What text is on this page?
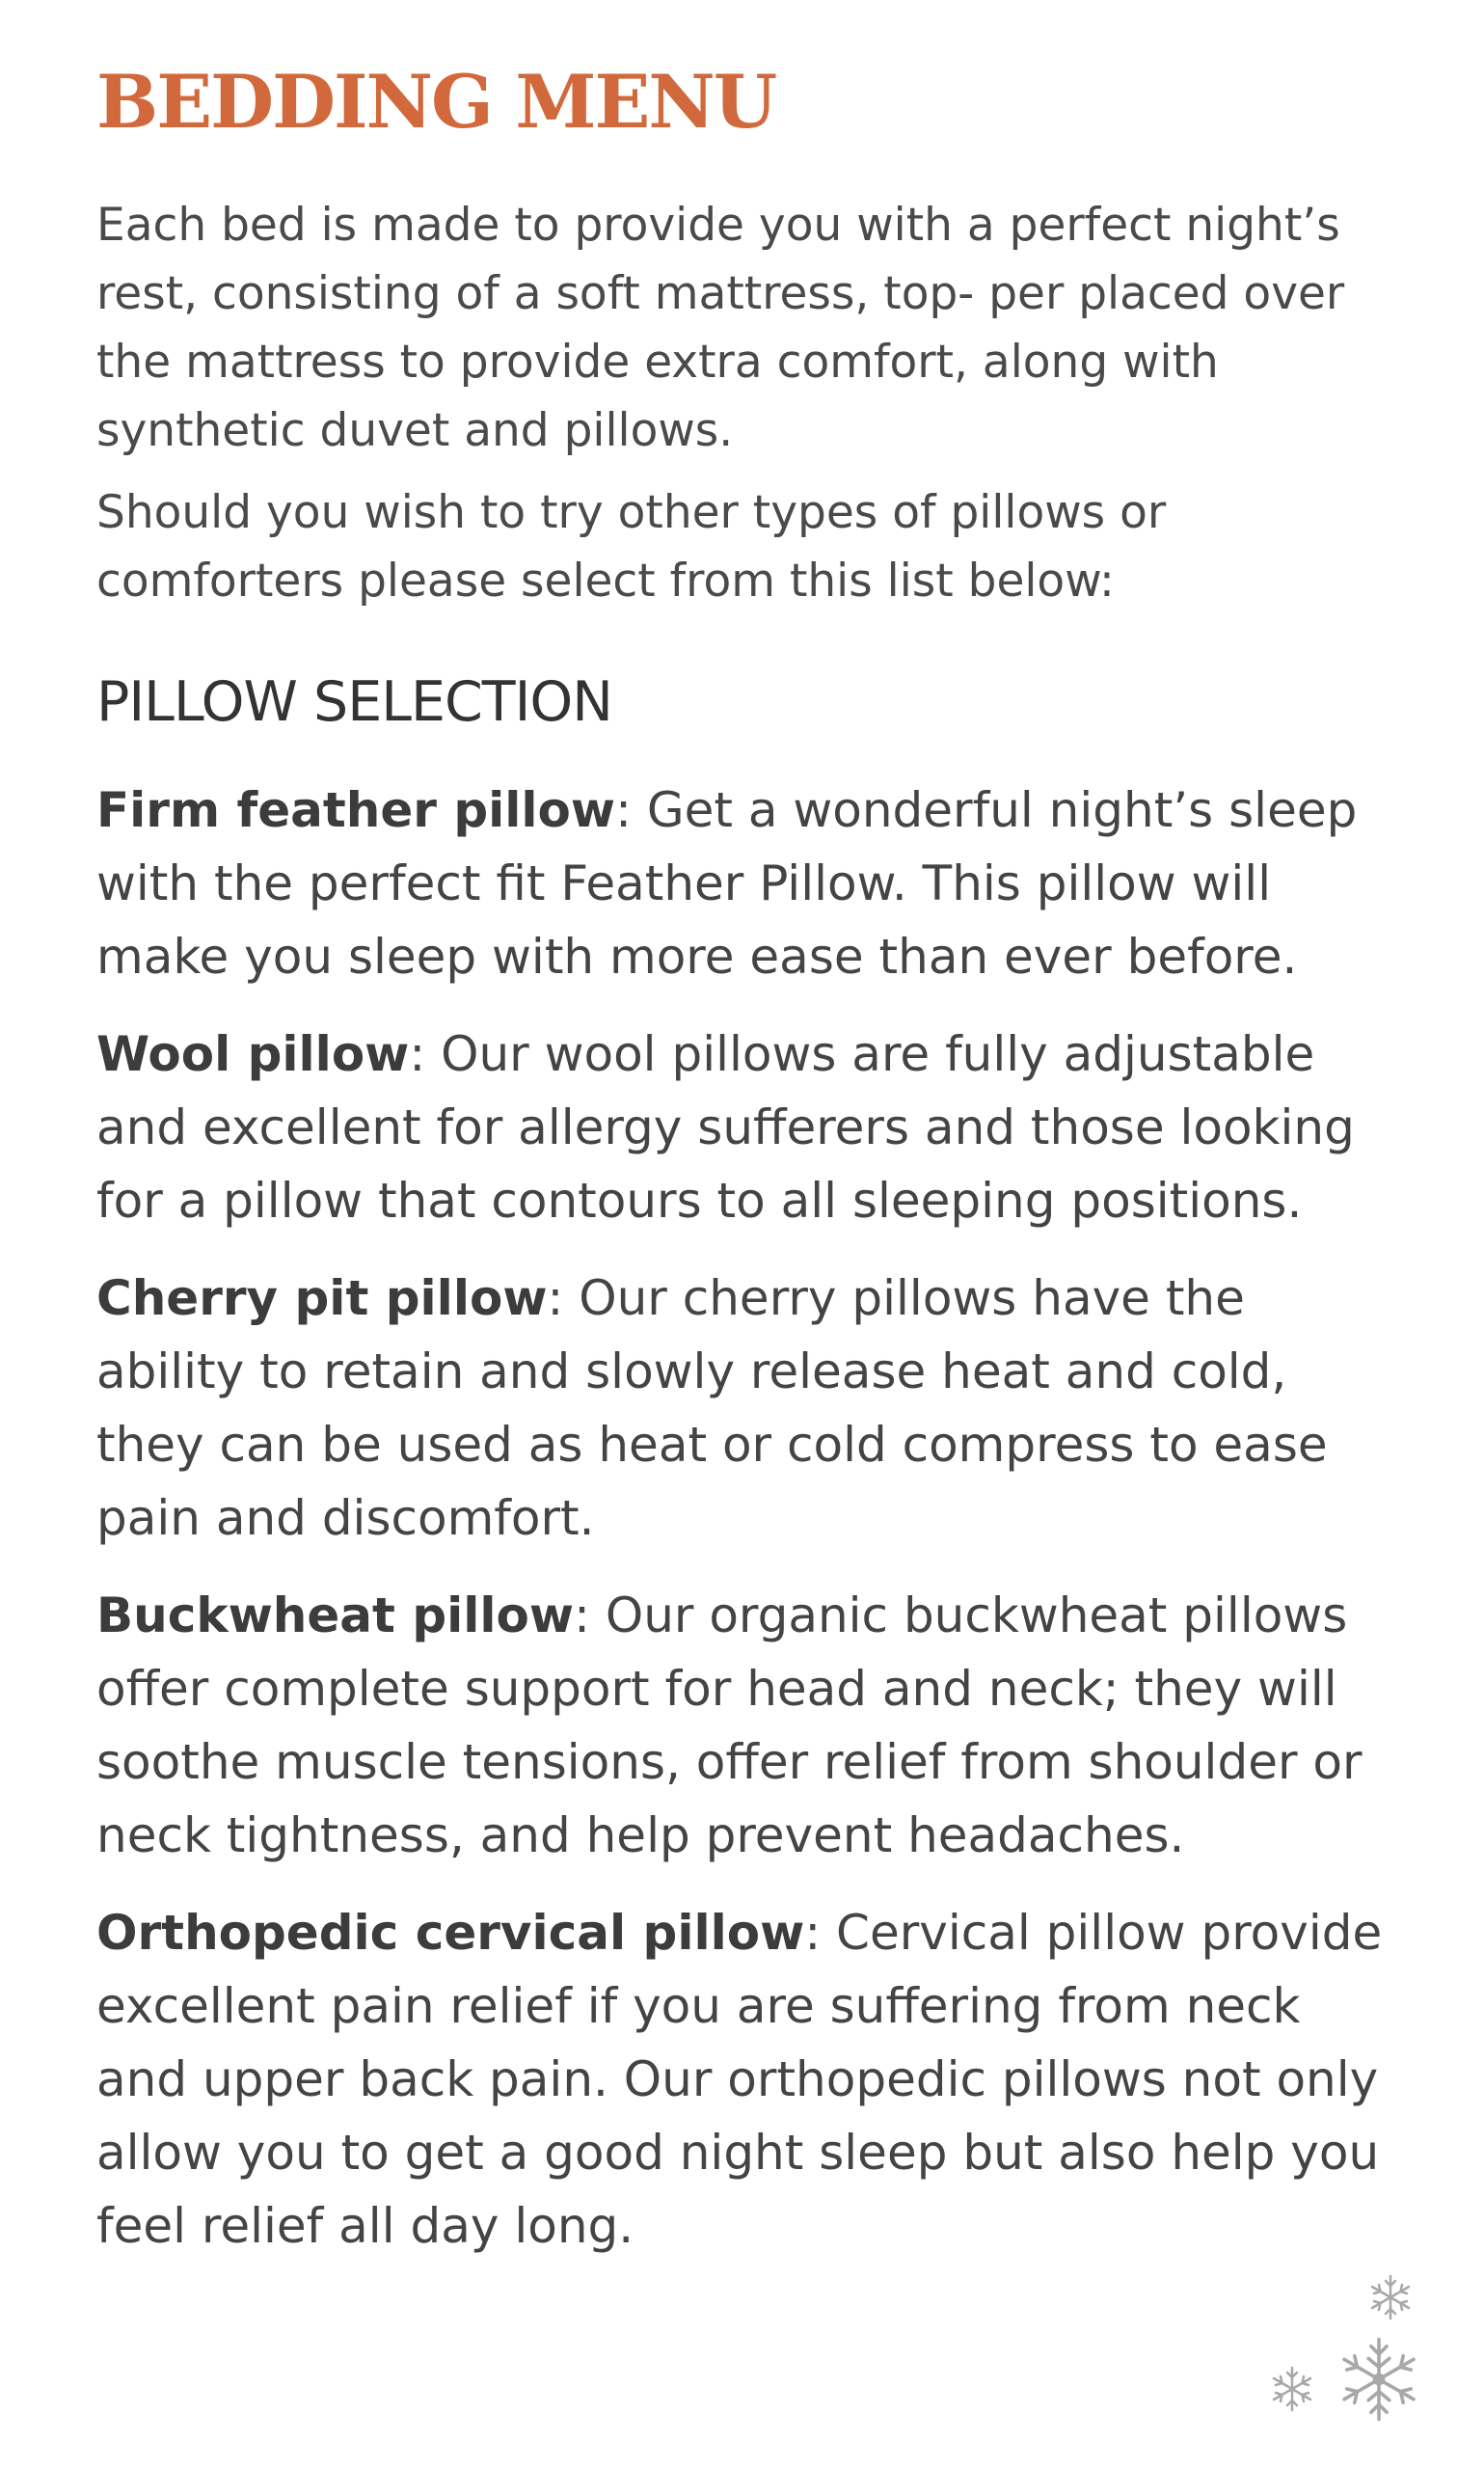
BEDDING MENU

Each bed is made to provide you with a perfect night’s rest, consisting of a soft mattress, top- per placed over the mattress to provide extra comfort, along with synthetic duvet and pillows.

Should you wish to try other types of pillows or comforters please select from this list below:

PILLOW SELECTION

Firm feather pillow: Get a wonderful night’s sleep with the perfect fit Feather Pillow. This pillow will make you sleep with more ease than ever before.

Wool pillow: Our wool pillows are fully adjustable and excellent for allergy sufferers and those looking for a pillow that contours to all sleeping positions.

Cherry pit pillow: Our cherry pillows have the ability to retain and slowly release heat and cold, they can be used as heat or cold compress to ease pain and discomfort.

Buckwheat pillow: Our organic buckwheat pillows offer complete support for head and neck; they will soothe muscle tensions, offer relief from shoulder or neck tightness, and help prevent headaches.

Orthopedic cervical pillow: Cervical pillow provide excellent pain relief if you are suffering from neck and upper back pain. Our orthopedic pillows not only allow you to get a good night sleep but also help you feel relief all day long.
